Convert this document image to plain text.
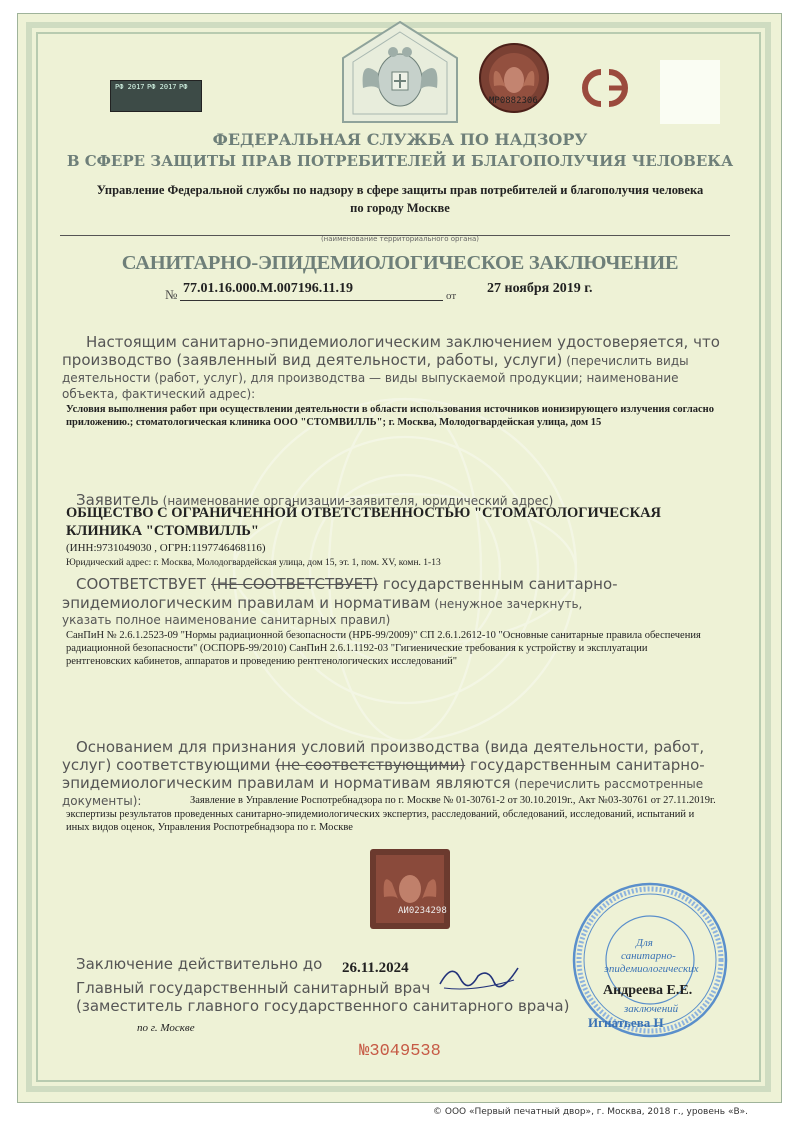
РФ 2017 РФ 2017 РФ
МР0882306
ФЕДЕРАЛЬНАЯ СЛУЖБА ПО НАДЗОРУ
В СФЕРЕ ЗАЩИТЫ ПРАВ ПОТРЕБИТЕЛЕЙ И БЛАГОПОЛУЧИЯ ЧЕЛОВЕКА
Управление Федеральной службы по надзору в сфере защиты прав потребителей и благополучия человека
по городу Москве
(наименование территориального органа)
САНИТАРНО-ЭПИДЕМИОЛОГИЧЕСКОЕ ЗАКЛЮЧЕНИЕ
№ 77.01.16.000.М.007196.11.19	от 27 ноября 2019 г.
Настоящим санитарно-эпидемиологическим заключением удостоверяется, что
производство (заявленный вид деятельности, работы, услуги) (перечислить виды
деятельности (работ, услуг), для производства — виды выпускаемой продукции; наименование
объекта, фактический адрес):
Условия выполнения работ при осуществлении деятельности в области использования источников ионизирующего излучения согласно
приложению.; стоматологическая клиника ООО "СТОМВИЛЛЬ"; г. Москва, Молодогвардейская улица, дом 15
Заявитель (наименование организации-заявителя, юридический адрес)
ОБЩЕСТВО С ОГРАНИЧЕННОЙ ОТВЕТСТВЕННОСТЬЮ "СТОМАТОЛОГИЧЕСКАЯ
КЛИНИКА "СТОМВИЛЛЬ"
(ИНН:9731049030 , ОГРН:1197746468116)
Юридический адрес: г. Москва, Молодогвардейская улица, дом 15, эт. 1, пом. XV, комн. 1-13
СООТВЕТСТВУЕТ (НЕ СООТВЕТСТВУЕТ) государственным санитарно-
эпидемиологическим правилам и нормативам (ненужное зачеркнуть,
указать полное наименование санитарных правил)
СанПиН № 2.6.1.2523-09 "Нормы радиационной безопасности (НРБ-99/2009)" СП 2.6.1.2612-10 "Основные санитарные правила обеспечения
радиационной безопасности" (ОСПОРБ-99/2010) СанПиН 2.6.1.1192-03 "Гигиенические требования к устройству и эксплуатации
рентгеновских кабинетов, аппаратов и проведению рентгенологических исследований"
Основанием для признания условий производства (вида деятельности, работ,
услуг) соответствующими (не соответствующими) государственным санитарно-
эпидемиологическим правилам и нормативам являются (перечислить рассмотренные
документы):	Заявление в Управление Роспотребнадзора по г. Москве № 01-30761-2 от 30.10.2019г., Акт №03-30761 от 27.11.2019г.
экспертизы результатов проведенных санитарно-эпидемиологических экспертиз, расследований, обследований, исследований, испытаний и
иных видов оценок, Управления Роспотребнадзора по г. Москве
АИ0234298
Заключение действительно до 26.11.2024
Главный государственный санитарный врач
(заместитель главного государственного санитарного врача)
по г. Москве
Для
санитарно-
эпидемиологических
заключений
Андреева Е.Е.
Игнатьева Н
№3049538
© ООО «Первый печатный двор», г. Москва, 2018 г., уровень «В».
